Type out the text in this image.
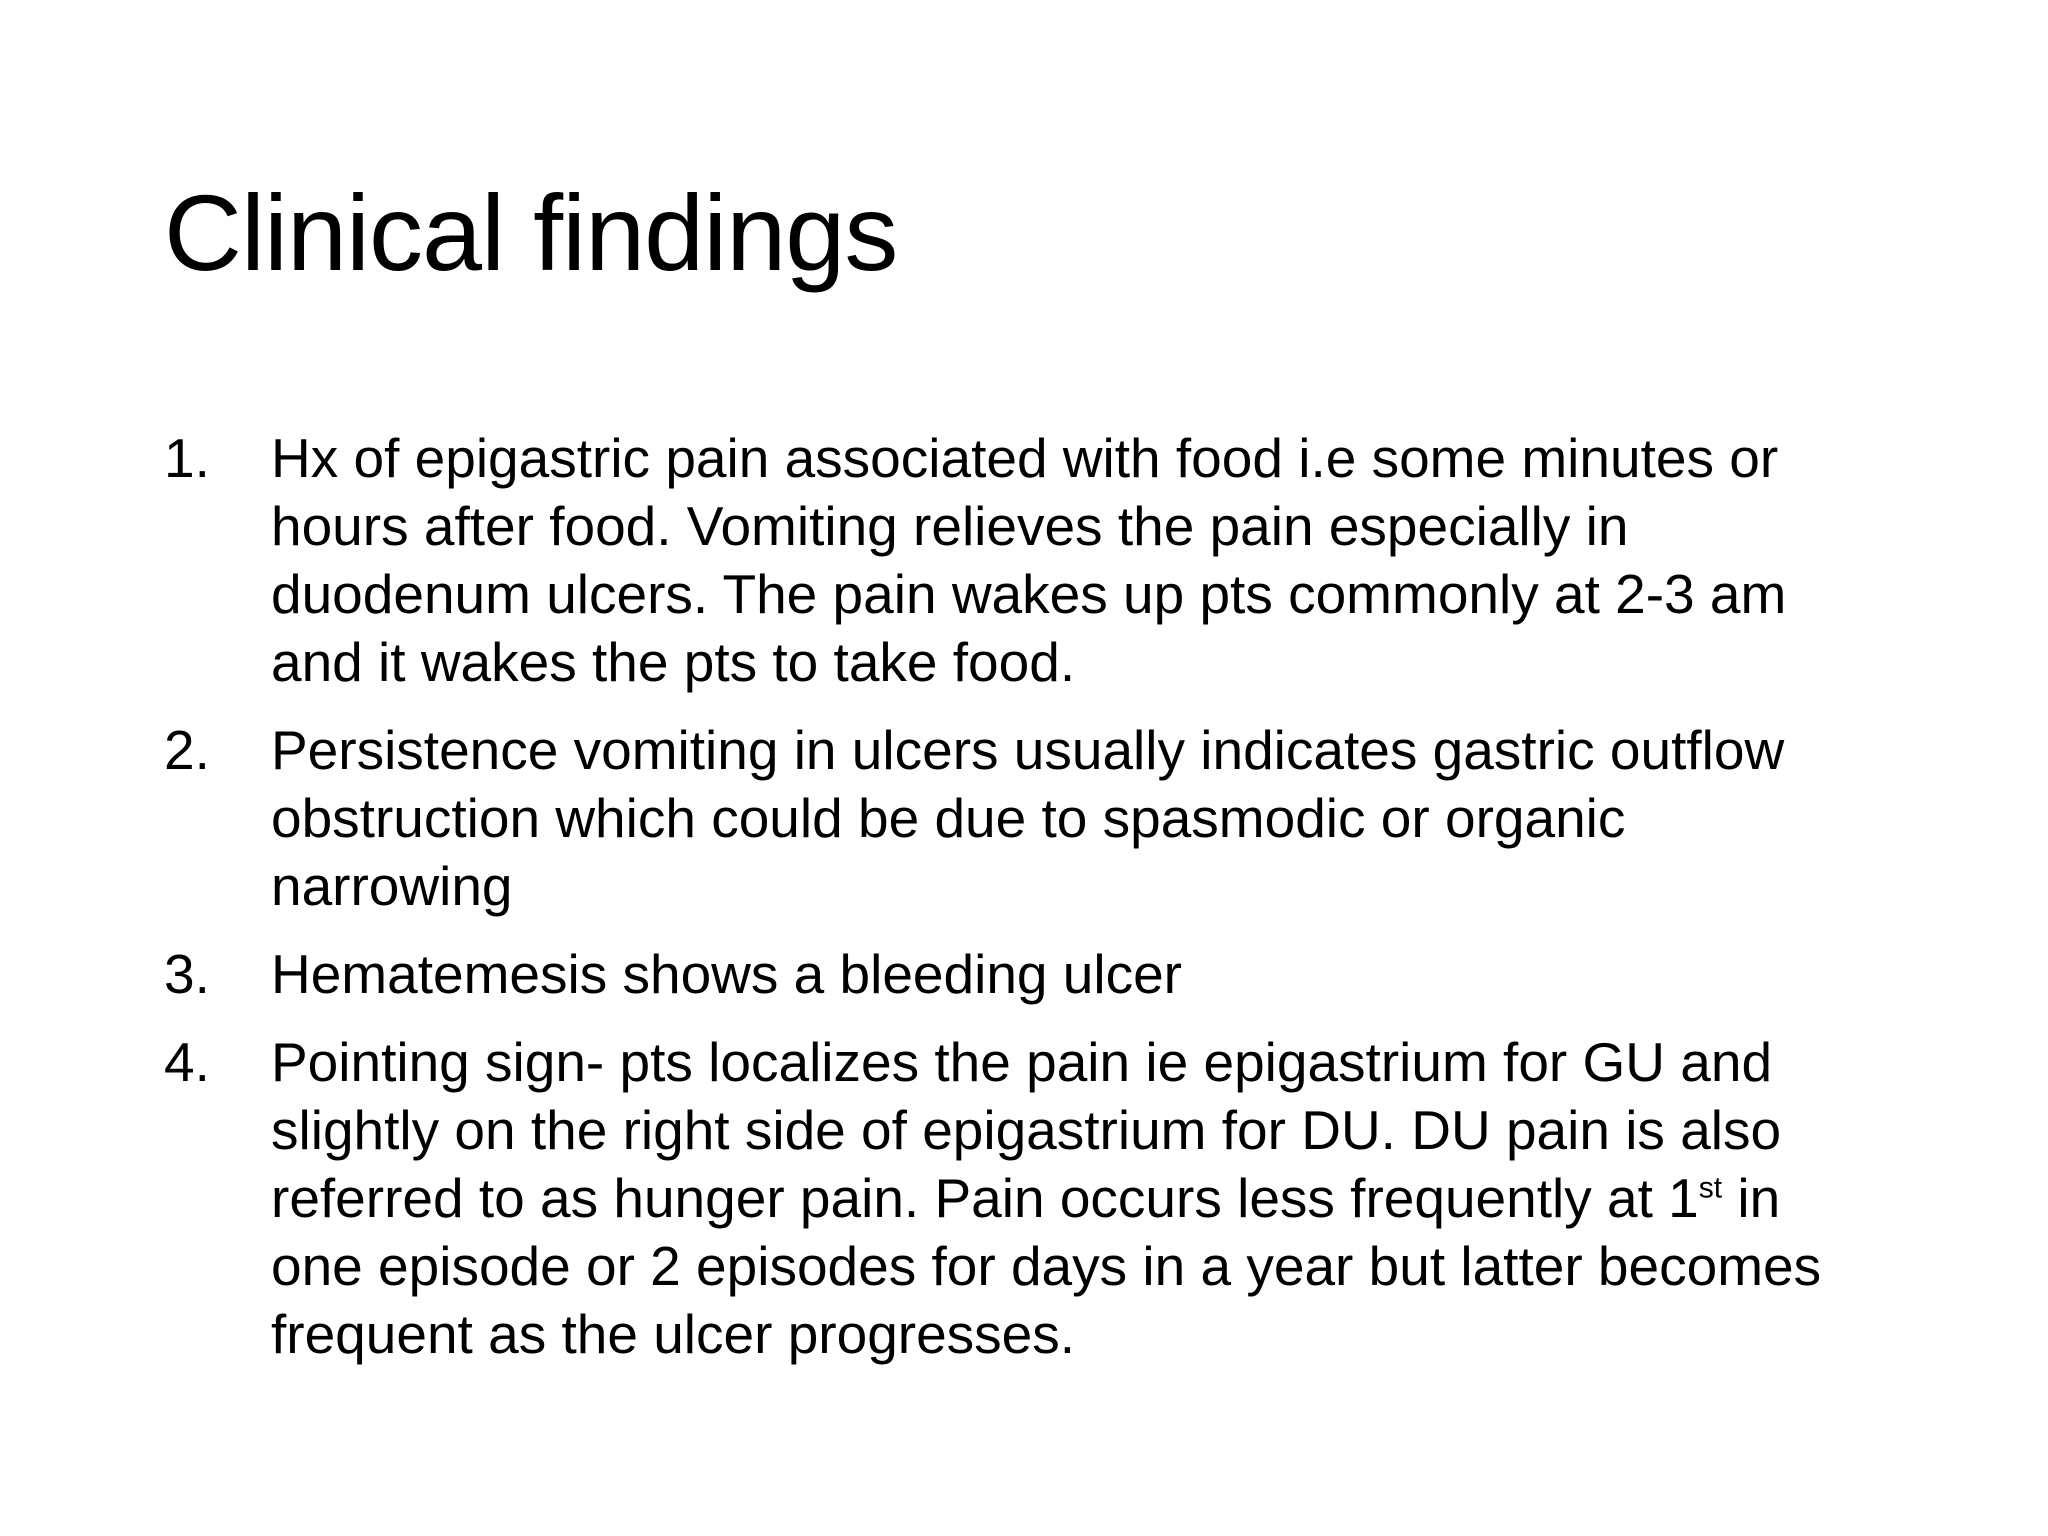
Clinical findings
1.	Hx of epigastric pain associated with food i.e some minutes or
hours after food. Vomiting relieves the pain especially in
duodenum ulcers. The pain wakes up pts commonly at 2-3 am
and it wakes the pts to take food.
2.	Persistence vomiting in ulcers usually indicates gastric outflow
obstruction which could be due to spasmodic or organic
narrowing
3.	Hematemesis shows a bleeding ulcer
4.	Pointing sign- pts localizes the pain ie epigastrium for GU and
slightly on the right side of epigastrium for DU. DU pain is also
referred to as hunger pain. Pain occurs less frequently at 1st in
one episode or 2 episodes for days in a year but latter becomes
frequent as the ulcer progresses.
